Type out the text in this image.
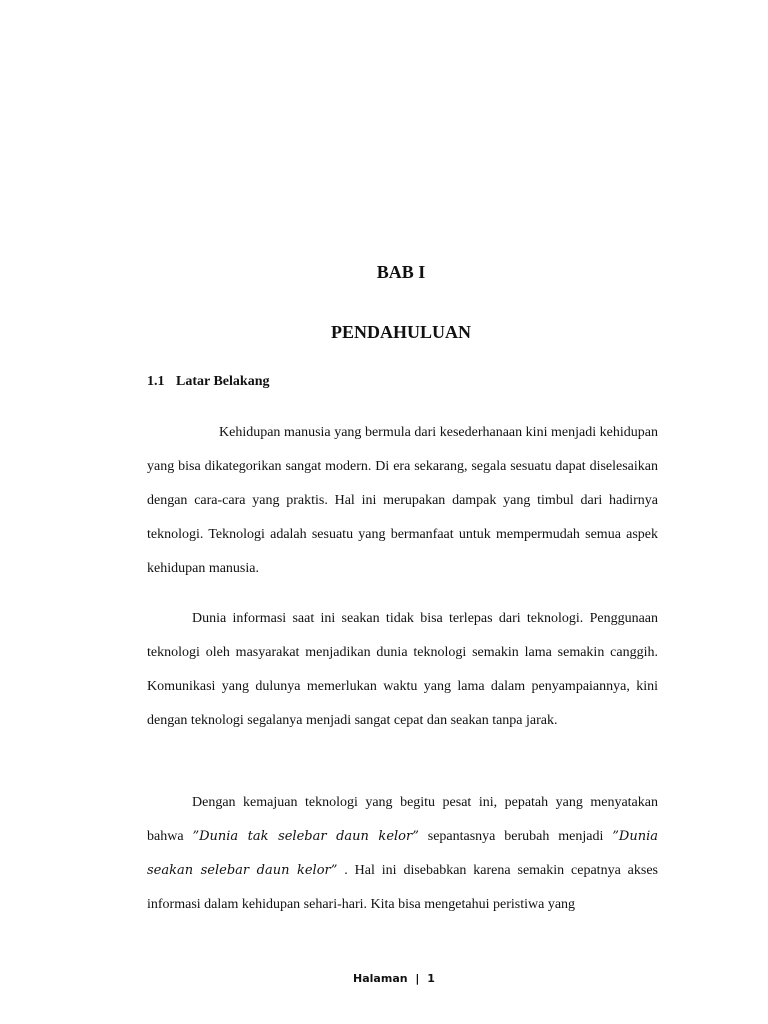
BAB I
PENDAHULUAN
1.1 Latar Belakang

Kehidupan manusia yang bermula dari kesederhanaan kini menjadi kehidupan yang bisa dikategorikan sangat modern. Di era sekarang, segala sesuatu dapat diselesaikan dengan cara-cara yang praktis. Hal ini merupakan dampak yang timbul dari hadirnya teknologi. Teknologi adalah sesuatu yang bermanfaat untuk mempermudah semua aspek kehidupan manusia.

Dunia informasi saat ini seakan tidak bisa terlepas dari teknologi. Penggunaan teknologi oleh masyarakat menjadikan dunia teknologi semakin lama semakin canggih. Komunikasi yang dulunya memerlukan waktu yang lama dalam penyampaiannya, kini dengan teknologi segalanya menjadi sangat cepat dan seakan tanpa jarak.

Dengan kemajuan teknologi yang begitu pesat ini, pepatah yang menyatakan bahwa ”Dunia tak selebar daun kelor” sepantasnya berubah menjadi ”Dunia seakan selebar daun kelor” . Hal ini disebabkan karena semakin cepatnya akses informasi dalam kehidupan sehari-hari. Kita bisa mengetahui peristiwa yang

Halaman | 1
